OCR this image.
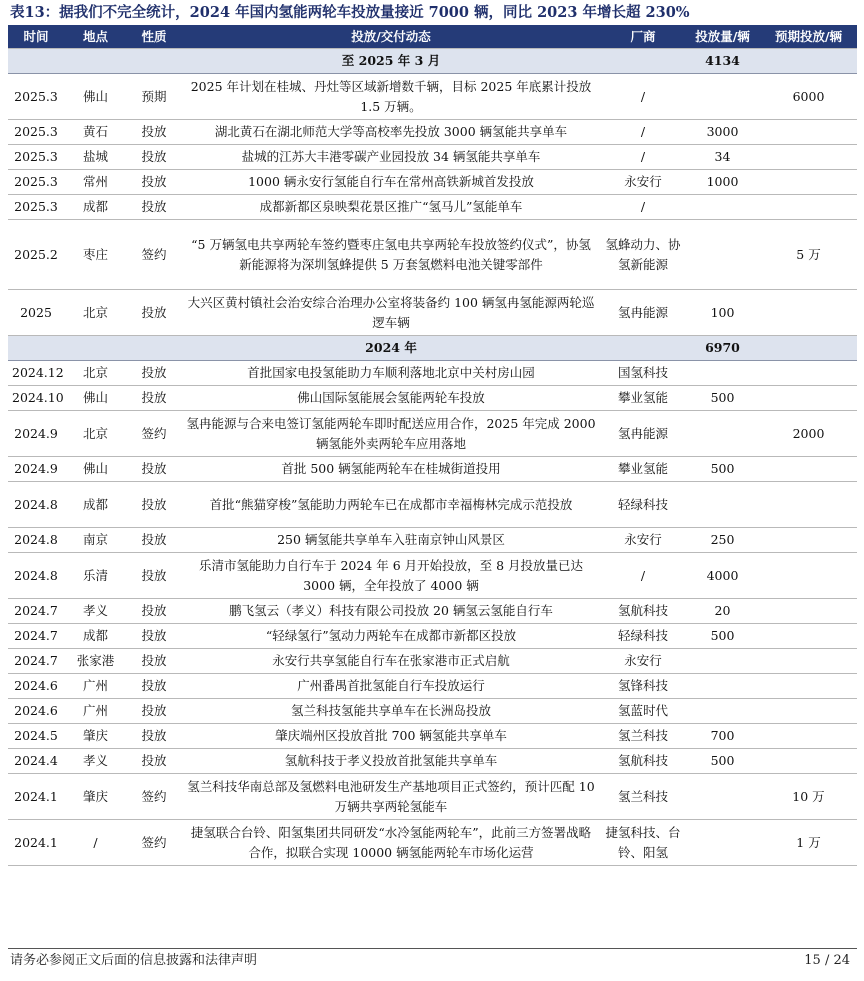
表13：据我们不完全统计，2024 年国内氢能两轮车投放量接近 7000 辆，同比 2023 年增长超 230%
时间	地点	性质	投放/交付动态	厂商	投放量/辆	预期投放/辆
			至 2025 年 3 月		4134	
2025.3	佛山	预期	2025 年计划在桂城、丹灶等区域新增数千辆，目标 2025 年底累计投放 1.5 万辆。	/		6000
2025.3	黄石	投放	湖北黄石在湖北师范大学等高校率先投放 3000 辆氢能共享单车	/	3000	
2025.3	盐城	投放	盐城的江苏大丰港零碳产业园投放 34 辆氢能共享单车	/	34	
2025.3	常州	投放	1000 辆永安行氢能自行车在常州高铁新城首发投放	永安行	1000	
2025.3	成都	投放	成都新都区泉映梨花景区推广“氢马儿”氢能单车	/		
2025.2	枣庄	签约	“5 万辆氢电共享两轮车签约暨枣庄氢电共享两轮车投放签约仪式”，协氢新能源将为深圳氢蜂提供 5 万套氢燃料电池关键零部件	氢蜂动力、协氢新能源		5 万
2025	北京	投放	大兴区黄村镇社会治安综合治理办公室将装备约 100 辆氢冉氢能源两轮巡逻车辆	氢冉能源	100	
			2024 年		6970	
2024.12	北京	投放	首批国家电投氢能助力车顺利落地北京中关村房山园	国氢科技		
2024.10	佛山	投放	佛山国际氢能展会氢能两轮车投放	攀业氢能	500	
2024.9	北京	签约	氢冉能源与合来电签订氢能两轮车即时配送应用合作，2025 年完成 2000 辆氢能外卖两轮车应用落地	氢冉能源		2000
2024.9	佛山	投放	首批 500 辆氢能两轮车在桂城街道投用	攀业氢能	500	
2024.8	成都	投放	首批“熊猫穿梭”氢能助力两轮车已在成都市幸福梅林完成示范投放	轻绿科技		
2024.8	南京	投放	250 辆氢能共享单车入驻南京钟山风景区	永安行	250	
2024.8	乐清	投放	乐清市氢能助力自行车于 2024 年 6 月开始投放，至 8 月投放量已达 3000 辆，全年投放了 4000 辆	/	4000	
2024.7	孝义	投放	鹏飞氢云（孝义）科技有限公司投放 20 辆氢云氢能自行车	氢航科技	20	
2024.7	成都	投放	“轻绿氢行”氢动力两轮车在成都市新都区投放	轻绿科技	500	
2024.7	张家港	投放	永安行共享氢能自行车在张家港市正式启航	永安行		
2024.6	广州	投放	广州番禺首批氢能自行车投放运行	氢锋科技		
2024.6	广州	投放	氢兰科技氢能共享单车在长洲岛投放	氢蓝时代		
2024.5	肇庆	投放	肇庆端州区投放首批 700 辆氢能共享单车	氢兰科技	700	
2024.4	孝义	投放	氢航科技于孝义投放首批氢能共享单车	氢航科技	500	
2024.1	肇庆	签约	氢兰科技华南总部及氢燃料电池研发生产基地项目正式签约，预计匹配 10 万辆共享两轮氢能车	氢兰科技		10 万
2024.1	/	签约	捷氢联合台铃、阳氢集团共同研发“水冷氢能两轮车”，此前三方签署战略合作，拟联合实现 10000 辆氢能两轮车市场化运营	捷氢科技、台铃、阳氢		1 万
请务必参阅正文后面的信息披露和法律声明	15 / 24
